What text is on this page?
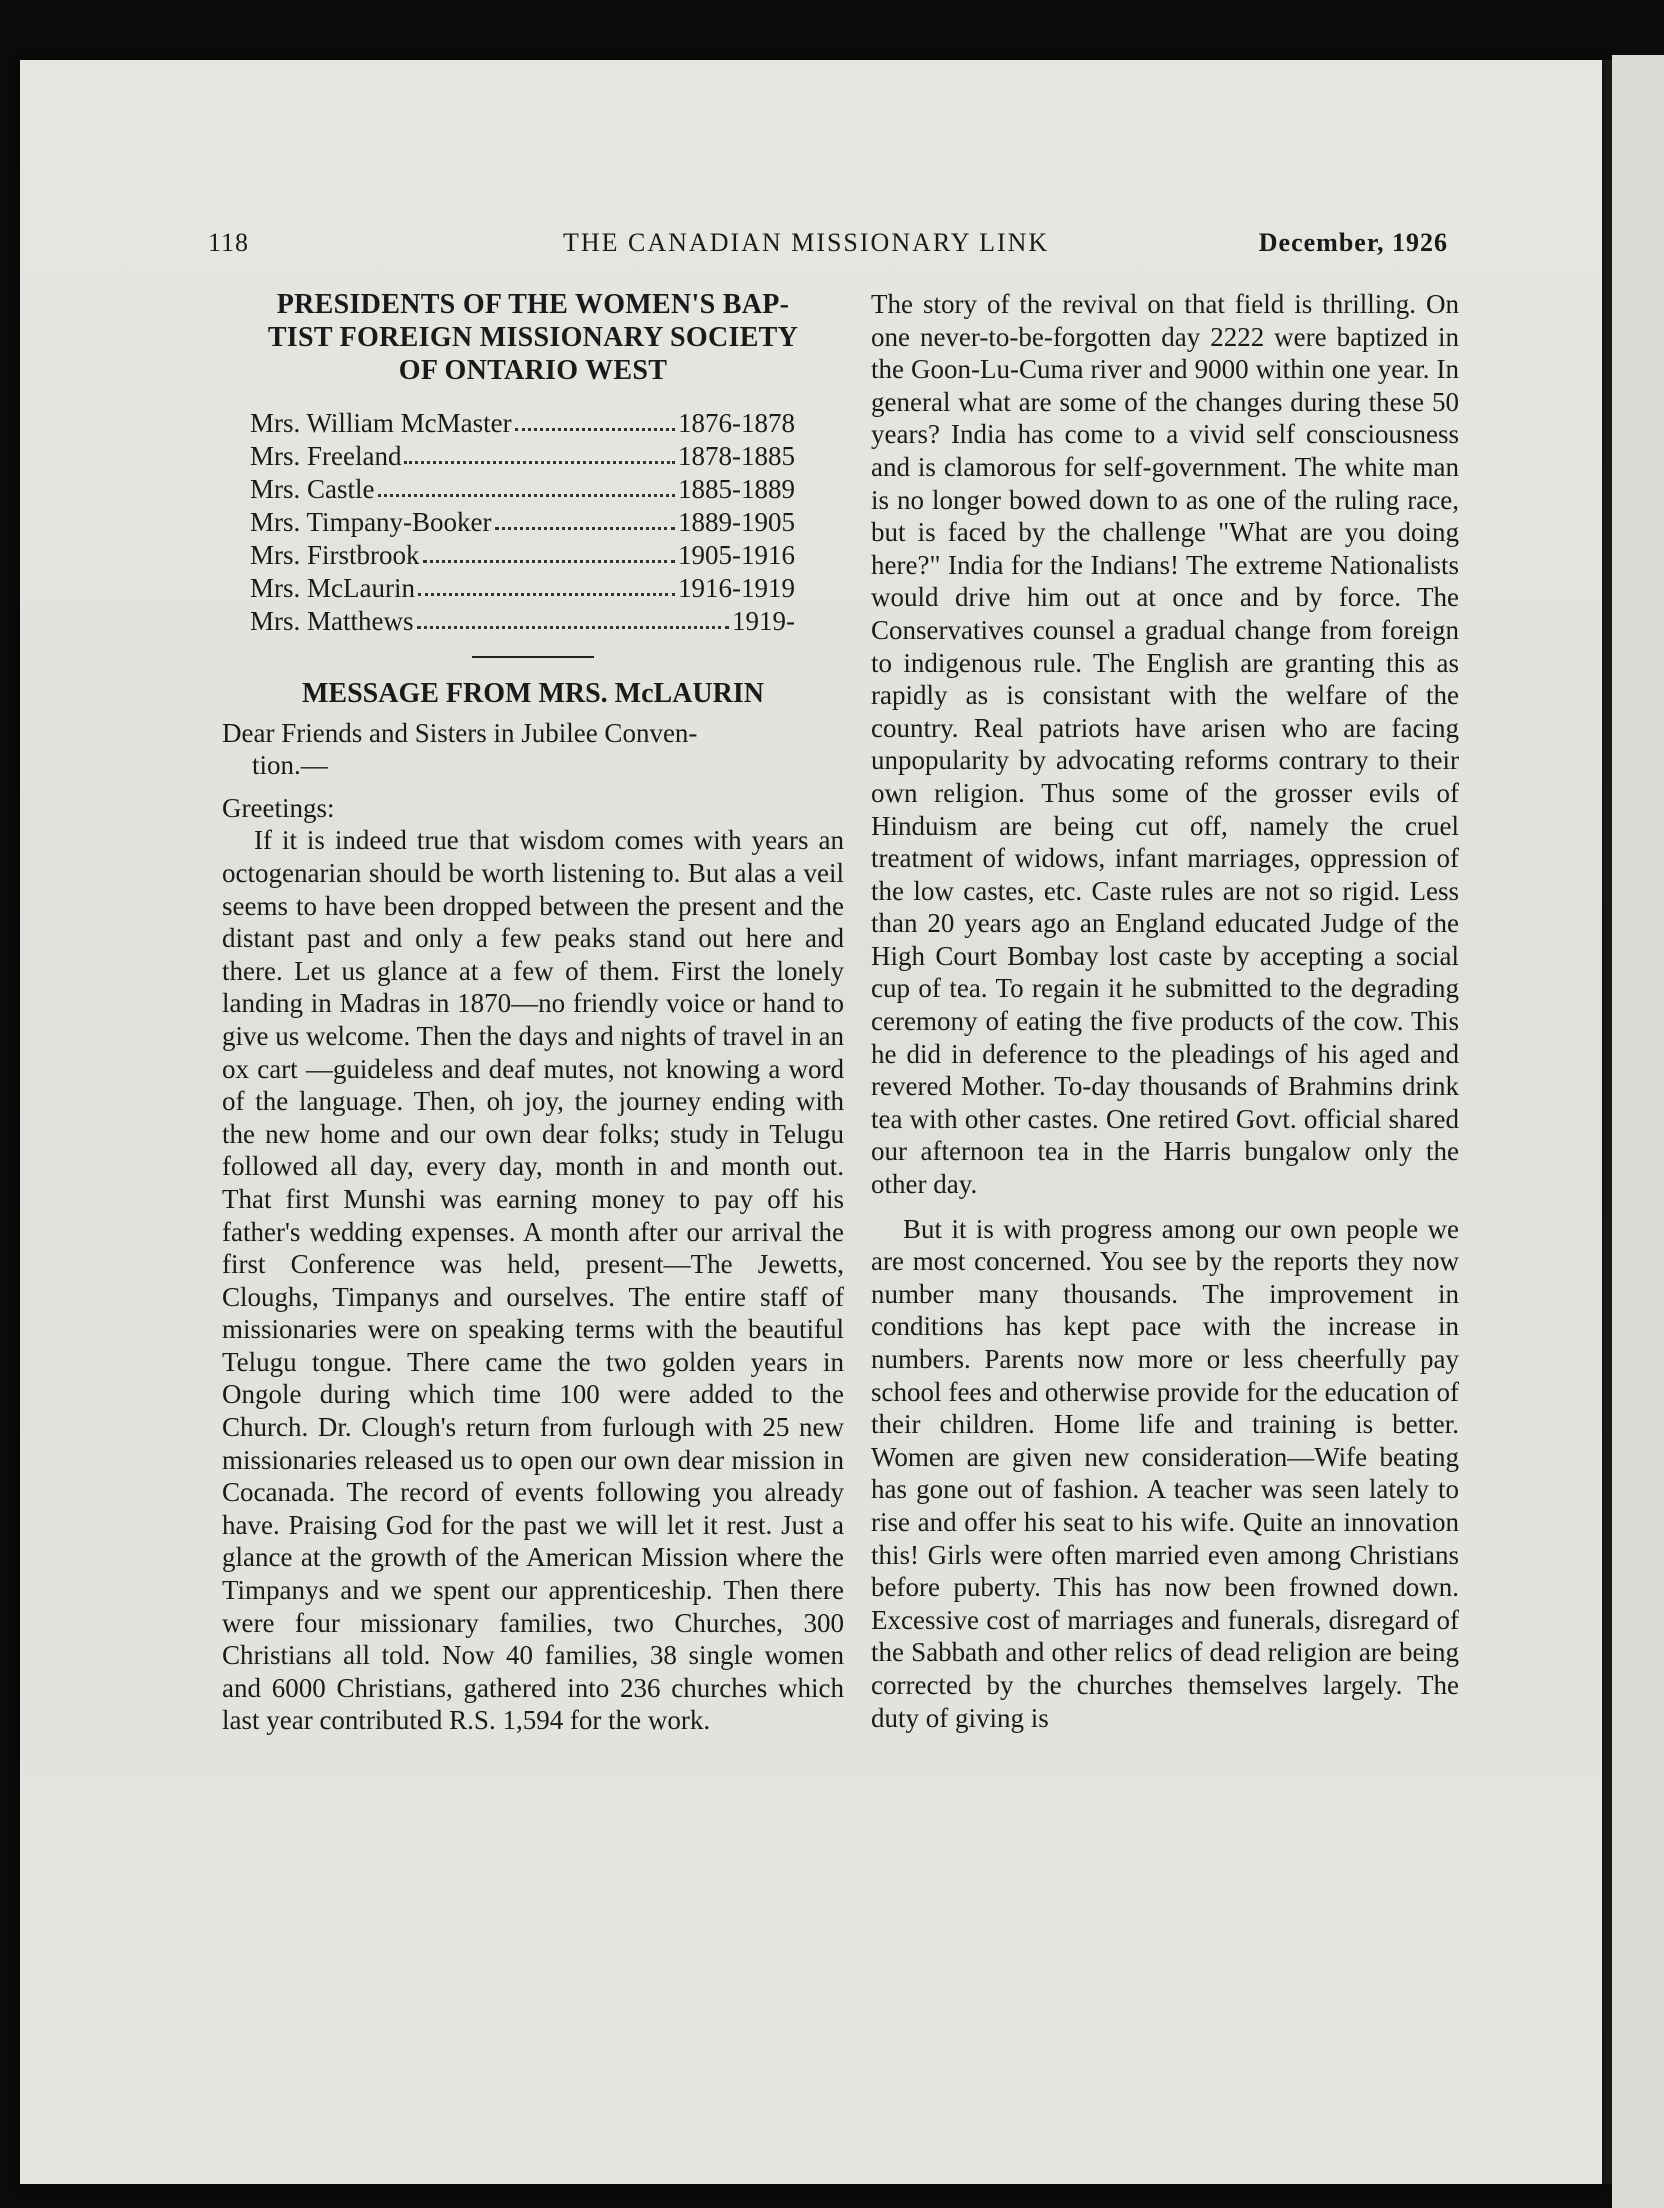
118	THE CANADIAN MISSIONARY LINK	December, 1926
PRESIDENTS OF THE WOMEN'S BAP-
TIST FOREIGN MISSIONARY SOCIETY
OF ONTARIO WEST
Mrs. William McMaster	1876-1878
Mrs. Freeland	1878-1885
Mrs. Castle	1885-1889
Mrs. Timpany-Booker	1889-1905
Mrs. Firstbrook	1905-1916
Mrs. McLaurin	1916-1919
Mrs. Matthews	1919-
MESSAGE FROM MRS. McLAURIN

Dear Friends and Sisters in Jubilee Conven-

tion.—

Greetings:

If it is indeed true that wisdom comes with years an octogenarian should be worth listening to. But alas a veil seems to have been dropped between the present and the distant past and only a few peaks stand out here and there. Let us glance at a few of them. First the lonely landing in Madras in 1870—no friendly voice or hand to give us welcome. Then the days and nights of travel in an ox cart —guideless and deaf mutes, not knowing a word of the language. Then, oh joy, the journey ending with the new home and our own dear folks; study in Telugu followed all day, every day, month in and month out. That first Munshi was earning money to pay off his father's wedding expenses. A month after our arrival the first Conference was held, present—The Jewetts, Cloughs, Timpanys and ourselves. The entire staff of missionaries were on speaking terms with the beautiful Telugu tongue. There came the two golden years in Ongole during which time 100 were added to the Church. Dr. Clough's return from furlough with 25 new missionaries released us to open our own dear mission in Cocanada. The record of events following you already have. Praising God for the past we will let it rest. Just a glance at the growth of the American Mission where the Timpanys and we spent our apprenticeship. Then there were four missionary families, two Churches, 300 Christians all told. Now 40 families, 38 single women and 6000 Christians, gathered into 236 churches which last year contributed R.S. 1,594 for the work.

The story of the revival on that field is thrilling. On one never-to-be-forgotten day 2222 were baptized in the Goon-Lu-Cuma river and 9000 within one year. In general what are some of the changes during these 50 years? India has come to a vivid self consciousness and is clamorous for self-government. The white man is no longer bowed down to as one of the ruling race, but is faced by the challenge "What are you doing here?" India for the Indians! The extreme Nationalists would drive him out at once and by force. The Conservatives counsel a gradual change from foreign to indigenous rule. The English are granting this as rapidly as is consistant with the welfare of the country. Real patriots have arisen who are facing unpopularity by advocating reforms contrary to their own religion. Thus some of the grosser evils of Hinduism are being cut off, namely the cruel treatment of widows, infant marriages, oppression of the low castes, etc. Caste rules are not so rigid. Less than 20 years ago an England educated Judge of the High Court Bombay lost caste by accepting a social cup of tea. To regain it he submitted to the degrading ceremony of eating the five products of the cow. This he did in deference to the pleadings of his aged and revered Mother. To-day thousands of Brahmins drink tea with other castes. One retired Govt. official shared our afternoon tea in the Harris bungalow only the other day.

But it is with progress among our own people we are most concerned. You see by the reports they now number many thousands. The improvement in conditions has kept pace with the increase in numbers. Parents now more or less cheerfully pay school fees and otherwise provide for the education of their children. Home life and training is better. Women are given new consideration—Wife beating has gone out of fashion. A teacher was seen lately to rise and offer his seat to his wife. Quite an innovation this! Girls were often married even among Christians before puberty. This has now been frowned down. Excessive cost of marriages and funerals, disregard of the Sabbath and other relics of dead religion are being corrected by the churches themselves largely. The duty of giving is
